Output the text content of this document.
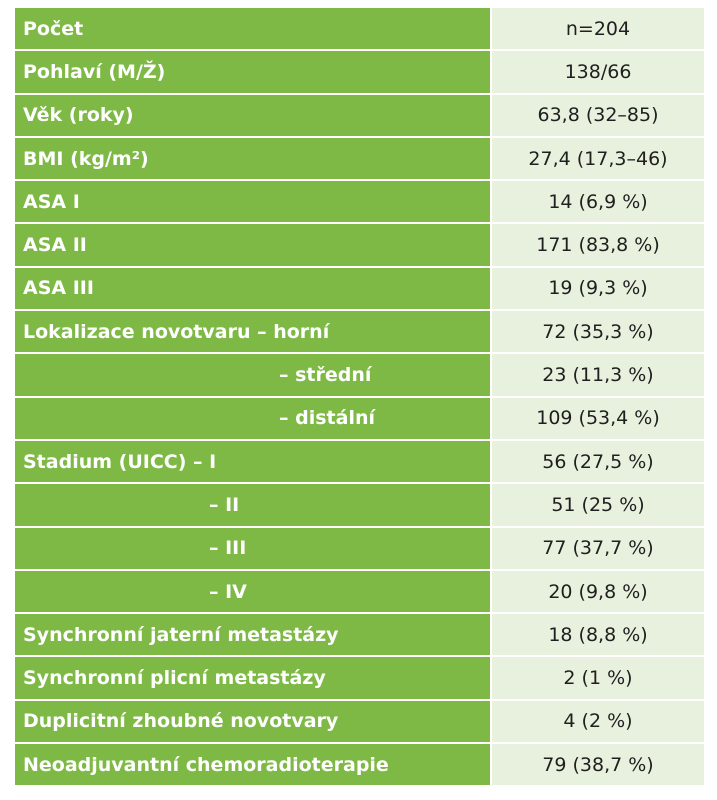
Počet	n=204
Pohlaví (M/Ž)	138/66
Věk (roky)	63,8 (32–85)
BMI (kg/m²)	27,4 (17,3–46)
ASA I	14 (6,9 %)
ASA II	171 (83,8 %)
ASA III	19 (9,3 %)
Lokalizace novotvaru – horní	72 (35,3 %)
– střední	23 (11,3 %)
– distální	109 (53,4 %)
Stadium (UICC) – I	56 (27,5 %)
– II	51 (25 %)
– III	77 (37,7 %)
– IV	20 (9,8 %)
Synchronní jaterní metastázy	18 (8,8 %)
Synchronní plicní metastázy	2 (1 %)
Duplicitní zhoubné novotvary	4 (2 %)
Neoadjuvantní chemoradioterapie	79 (38,7 %)
